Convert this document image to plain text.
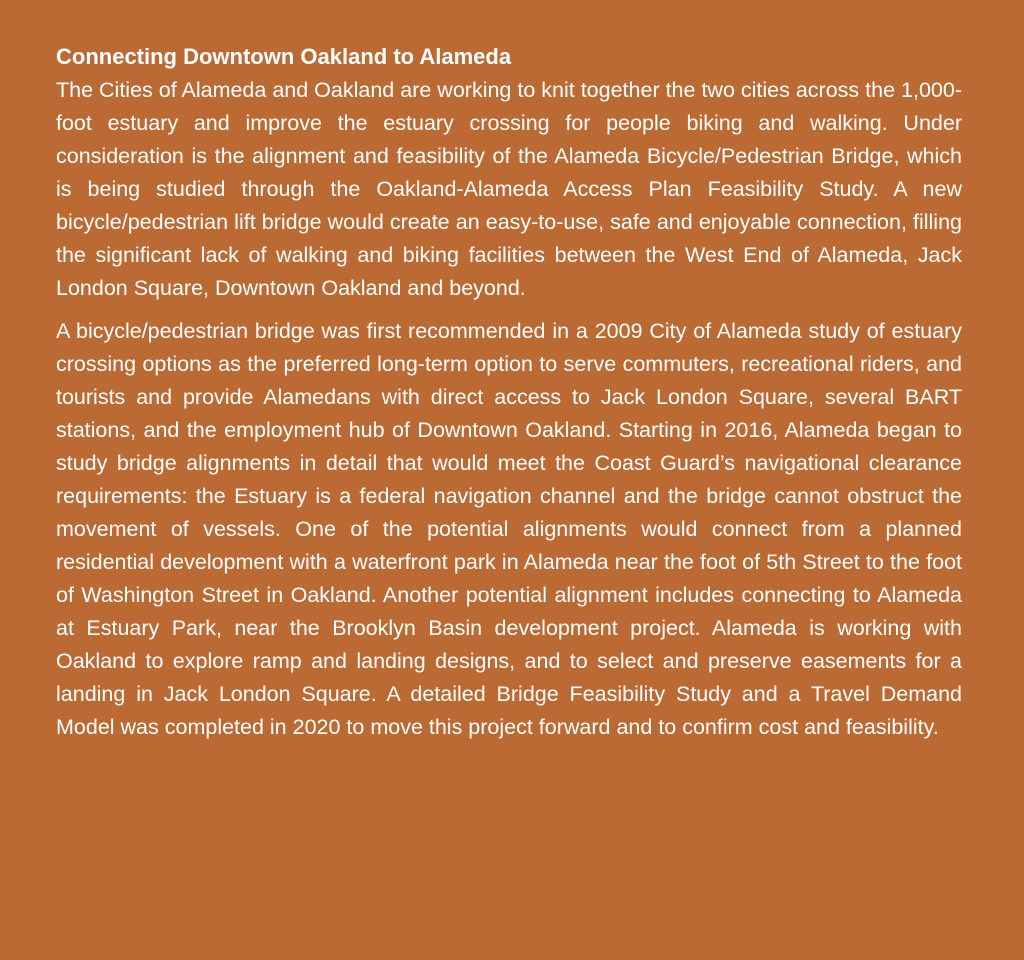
Connecting Downtown Oakland to Alameda

The Cities of Alameda and Oakland are working to knit together the two cities across the 1,000-foot estuary and improve the estuary crossing for people biking and walking. Under consideration is the alignment and feasibility of the Alameda Bicycle/Pedestrian Bridge, which is being studied through the Oakland-Alameda Access Plan Feasibility Study. A new bicycle/pedestrian lift bridge would create an easy-to-use, safe and enjoyable connection, filling the significant lack of walking and biking facilities between the West End of Alameda, Jack London Square, Downtown Oakland and beyond.

A bicycle/pedestrian bridge was first recommended in a 2009 City of Alameda study of estuary crossing options as the preferred long-term option to serve commuters, recreational riders, and tourists and provide Alamedans with direct access to Jack London Square, several BART stations, and the employment hub of Downtown Oakland. Starting in 2016, Alameda began to study bridge alignments in detail that would meet the Coast Guard’s navigational clearance requirements: the Estuary is a federal navigation channel and the bridge cannot obstruct the movement of vessels. One of the potential alignments would connect from a planned residential development with a waterfront park in Alameda near the foot of 5th Street to the foot of Washington Street in Oakland. Another potential alignment includes connecting to Alameda at Estuary Park, near the Brooklyn Basin development project. Alameda is working with Oakland to explore ramp and landing designs, and to select and preserve easements for a landing in Jack London Square. A detailed Bridge Feasibility Study and a Travel Demand Model was completed in 2020 to move this project forward and to confirm cost and feasibility.
